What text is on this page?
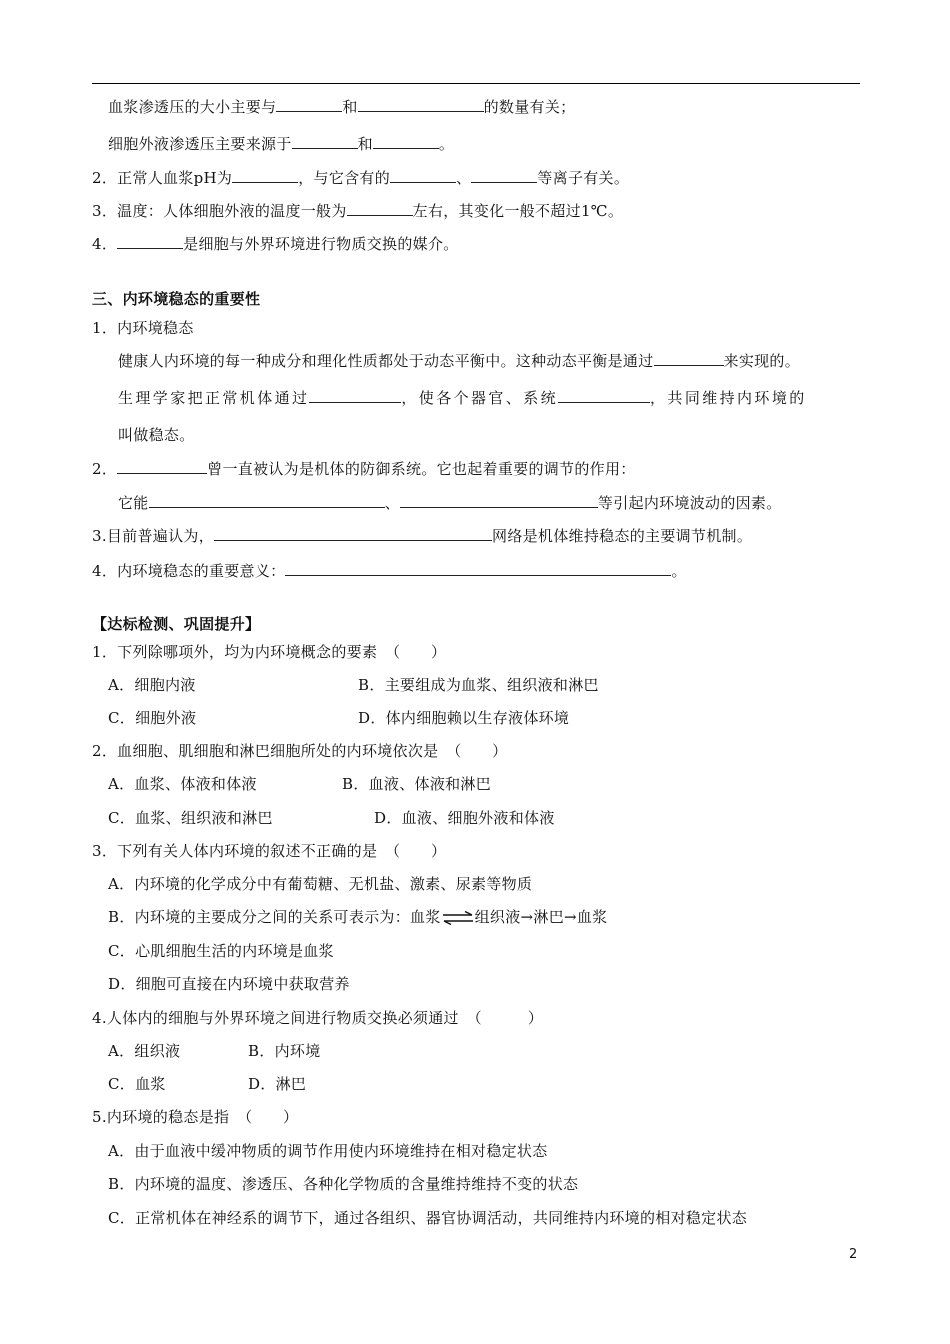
血浆渗透压的大小主要与	和	的数量有关；
细胞外液渗透压主要来源于	和	。
2．正常人血浆pH为	，与它含有的	、	等离子有关。
3．温度：人体细胞外液的温度一般为	左右，其变化一般不超过1℃。
4．	是细胞与外界环境进行物质交换的媒介。
三、内环境稳态的重要性
1．内环境稳态
健康人内环境的每一种成分和理化性质都处于动态平衡中。这种动态平衡是通过	来实现的。
生理学家把正常机体通过	，使各个器官、系统	，共同维持内环境的
叫做稳态。
2．	曾一直被认为是机体的防御系统。它也起着重要的调节的作用：
它能	、	等引起内环境波动的因素。
3.目前普遍认为，	网络是机体维持稳态的主要调节机制。
4．内环境稳态的重要意义：	。
【达标检测、巩固提升】
1．下列除哪项外，均为内环境概念的要素　（　　）
A．细胞内液	B．主要组成为血浆、组织液和淋巴
C．细胞外液	D．体内细胞赖以生存液体环境
2．血细胞、肌细胞和淋巴细胞所处的内环境依次是　（　　）
A．血浆、体液和体液	B．血液、体液和淋巴
C．血浆、组织液和淋巴	D．血液、细胞外液和体液
3．下列有关人体内环境的叙述不正确的是　（　　）
A．内环境的化学成分中有葡萄糖、无机盐、激素、尿素等物质
B．内环境的主要成分之间的关系可表示为：血浆⇌组织液→淋巴→血浆
C．心肌细胞生活的内环境是血浆
D．细胞可直接在内环境中获取营养
4.人体内的细胞与外界环境之间进行物质交换必须通过　（　　　）
A．组织液	B．内环境
C．血浆	D．淋巴
5.内环境的稳态是指　（　　）
A．由于血液中缓冲物质的调节作用使内环境维持在相对稳定状态
B．内环境的温度、渗透压、各种化学物质的含量维持维持不变的状态
C．正常机体在神经系的调节下，通过各组织、器官协调活动，共同维持内环境的相对稳定状态
2
